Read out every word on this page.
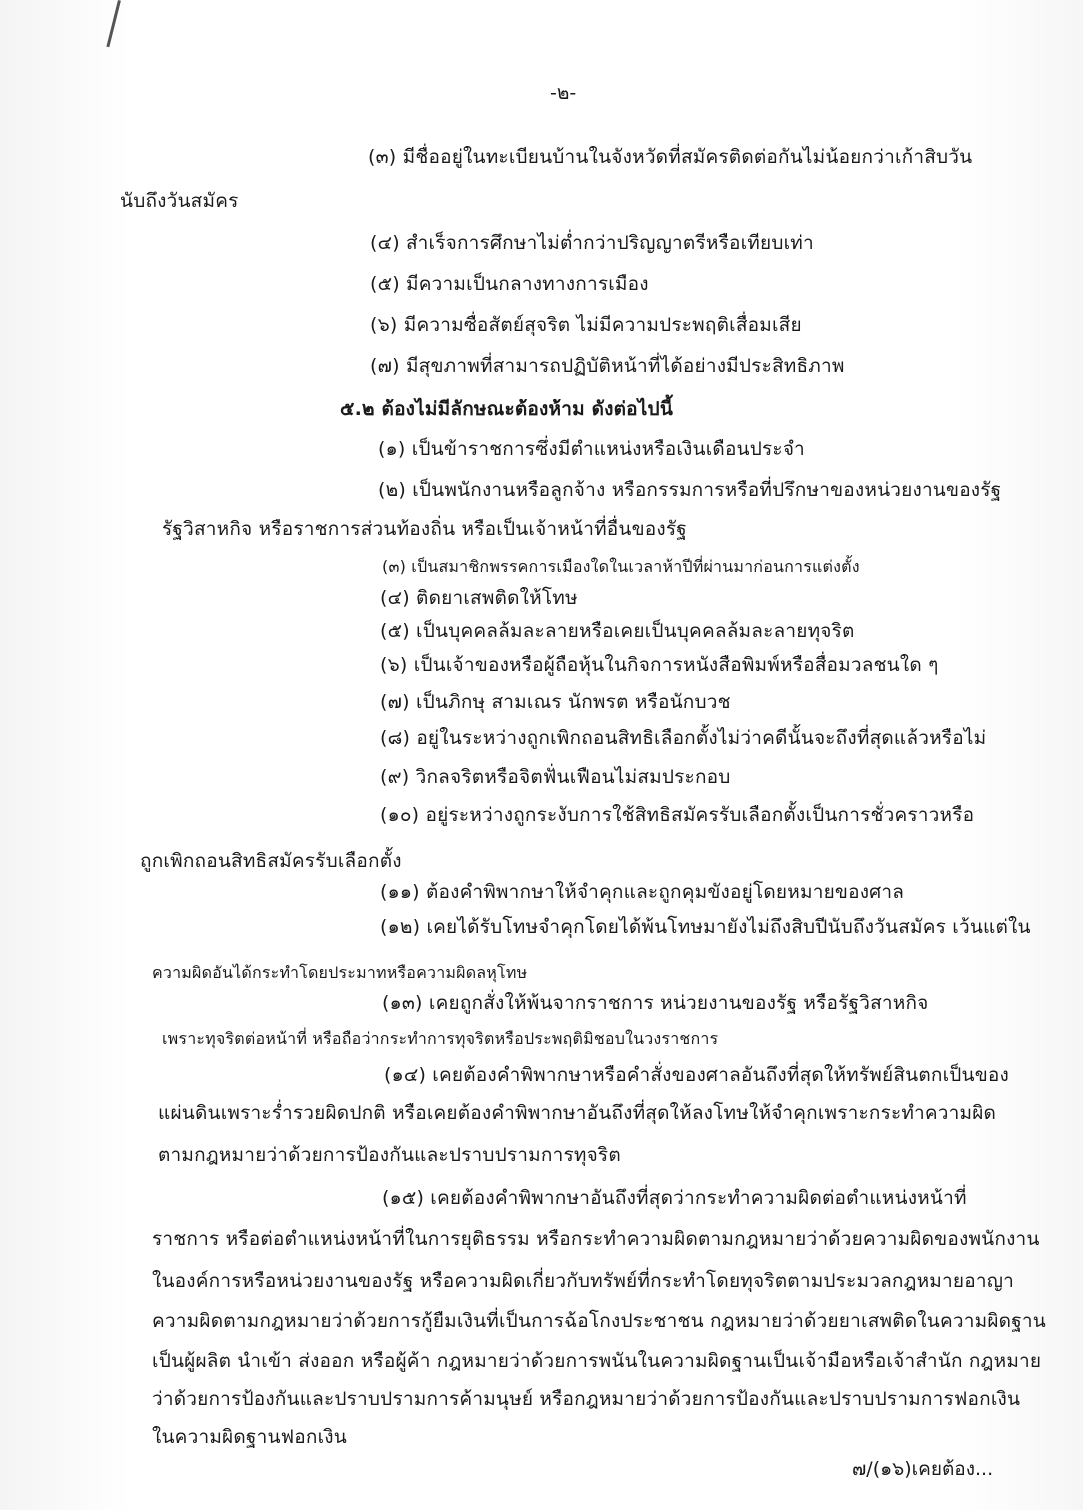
-๒-
(๓) มีชื่ออยู่ในทะเบียนบ้านในจังหวัดที่สมัครติดต่อกันไม่น้อยกว่าเก้าสิบวัน
นับถึงวันสมัคร
(๔) สำเร็จการศึกษาไม่ต่ำกว่าปริญญาตรีหรือเทียบเท่า
(๕) มีความเป็นกลางทางการเมือง
(๖) มีความซื่อสัตย์สุจริต ไม่มีความประพฤติเสื่อมเสีย
(๗) มีสุขภาพที่สามารถปฏิบัติหน้าที่ได้อย่างมีประสิทธิภาพ
๕.๒ ต้องไม่มีลักษณะต้องห้าม ดังต่อไปนี้
(๑) เป็นข้าราชการซึ่งมีตำแหน่งหรือเงินเดือนประจำ
(๒) เป็นพนักงานหรือลูกจ้าง หรือกรรมการหรือที่ปรึกษาของหน่วยงานของรัฐ
รัฐวิสาหกิจ หรือราชการส่วนท้องถิ่น หรือเป็นเจ้าหน้าที่อื่นของรัฐ
(๓) เป็นสมาชิกพรรคการเมืองใดในเวลาห้าปีที่ผ่านมาก่อนการแต่งตั้ง
(๔) ติดยาเสพติดให้โทษ
(๕) เป็นบุคคลล้มละลายหรือเคยเป็นบุคคลล้มละลายทุจริต
(๖) เป็นเจ้าของหรือผู้ถือหุ้นในกิจการหนังสือพิมพ์หรือสื่อมวลชนใด ๆ
(๗) เป็นภิกษุ สามเณร นักพรต หรือนักบวช
(๘) อยู่ในระหว่างถูกเพิกถอนสิทธิเลือกตั้งไม่ว่าคดีนั้นจะถึงที่สุดแล้วหรือไม่
(๙) วิกลจริตหรือจิตฟั่นเฟือนไม่สมประกอบ
(๑๐) อยู่ระหว่างถูกระงับการใช้สิทธิสมัครรับเลือกตั้งเป็นการชั่วคราวหรือ
ถูกเพิกถอนสิทธิสมัครรับเลือกตั้ง
(๑๑) ต้องคำพิพากษาให้จำคุกและถูกคุมขังอยู่โดยหมายของศาล
(๑๒) เคยได้รับโทษจำคุกโดยได้พ้นโทษมายังไม่ถึงสิบปีนับถึงวันสมัคร เว้นแต่ใน
ความผิดอันได้กระทำโดยประมาทหรือความผิดลหุโทษ
(๑๓) เคยถูกสั่งให้พ้นจากราชการ หน่วยงานของรัฐ หรือรัฐวิสาหกิจ
เพราะทุจริตต่อหน้าที่ หรือถือว่ากระทำการทุจริตหรือประพฤติมิชอบในวงราชการ
(๑๔) เคยต้องคำพิพากษาหรือคำสั่งของศาลอันถึงที่สุดให้ทรัพย์สินตกเป็นของ
แผ่นดินเพราะร่ำรวยผิดปกติ หรือเคยต้องคำพิพากษาอันถึงที่สุดให้ลงโทษให้จำคุกเพราะกระทำความผิด
ตามกฎหมายว่าด้วยการป้องกันและปราบปรามการทุจริต
(๑๕) เคยต้องคำพิพากษาอันถึงที่สุดว่ากระทำความผิดต่อตำแหน่งหน้าที่
ราชการ หรือต่อตำแหน่งหน้าที่ในการยุติธรรม หรือกระทำความผิดตามกฎหมายว่าด้วยความผิดของพนักงาน
ในองค์การหรือหน่วยงานของรัฐ หรือความผิดเกี่ยวกับทรัพย์ที่กระทำโดยทุจริตตามประมวลกฎหมายอาญา
ความผิดตามกฎหมายว่าด้วยการกู้ยืมเงินที่เป็นการฉ้อโกงประชาชน กฎหมายว่าด้วยยาเสพติดในความผิดฐาน
เป็นผู้ผลิต นำเข้า ส่งออก หรือผู้ค้า กฎหมายว่าด้วยการพนันในความผิดฐานเป็นเจ้ามือหรือเจ้าสำนัก กฎหมาย
ว่าด้วยการป้องกันและปราบปรามการค้ามนุษย์ หรือกฎหมายว่าด้วยการป้องกันและปราบปรามการฟอกเงิน
ในความผิดฐานฟอกเงิน
๗/(๑๖)เคยต้อง...
